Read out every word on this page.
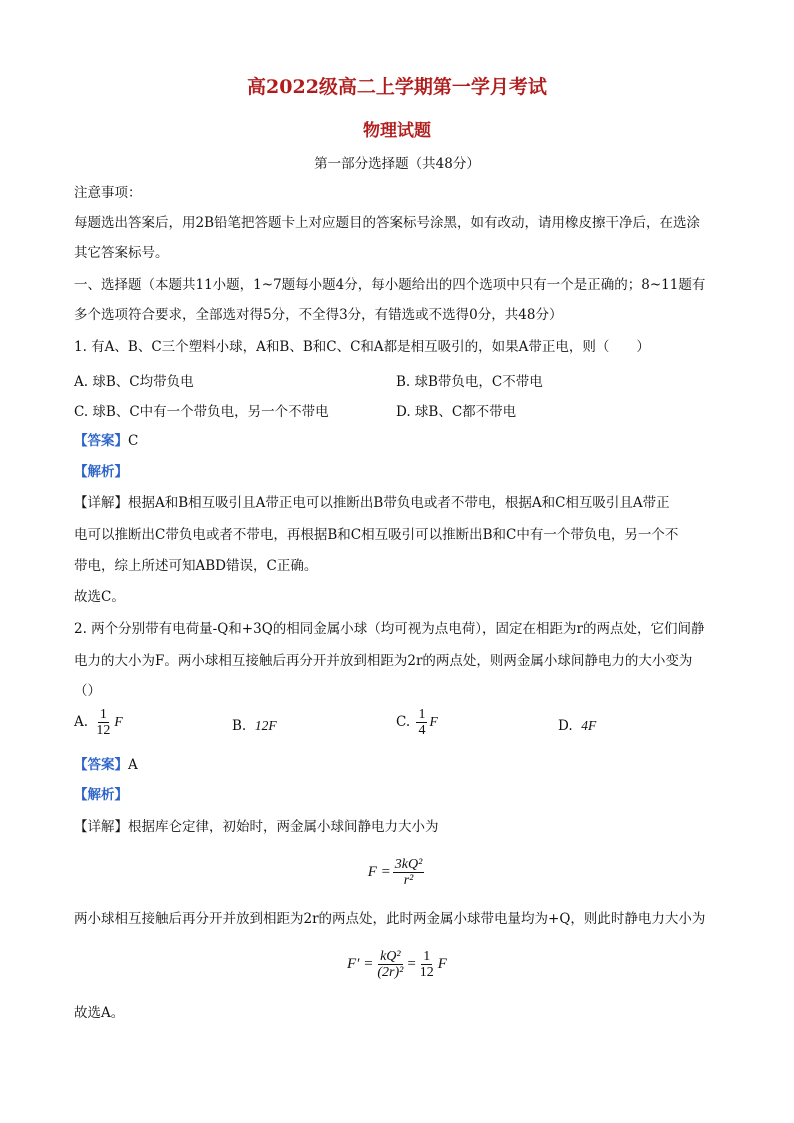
高2022级高二上学期第一学月考试
物理试题
第一部分选择题（共48分）
注意事项：
每题选出答案后，用2B铅笔把答题卡上对应题目的答案标号涂黑，如有改动，请用橡皮擦干净后，在选涂
其它答案标号。
一、选择题（本题共11小题，1~7题每小题4分，每小题给出的四个选项中只有一个是正确的；8~11题有
多个选项符合要求，全部选对得5分，不全得3分，有错选或不选得0分，共48分）
1. 有A、B、C三个塑料小球，A和B、B和C、C和A都是相互吸引的，如果A带正电，则（　　）
A. 球B、C均带负电	B. 球B带负电，C不带电
C. 球B、C中有一个带负电，另一个不带电	D. 球B、C都不带电
【答案】C
【解析】
【详解】根据A和B相互吸引且A带正电可以推断出B带负电或者不带电，根据A和C相互吸引且A带正
电可以推断出C带负电或者不带电，再根据B和C相互吸引可以推断出B和C中有一个带负电，另一个不
带电，综上所述可知ABD错误，C正确。
故选C。
2. 两个分别带有电荷量-Q和+3Q的相同金属小球（均可视为点电荷），固定在相距为r的两点处，它们间静
电力的大小为F。两小球相互接触后再分开并放到相距为2r的两点处，则两金属小球间静电力的大小变为
（）
A. $\frac{1}{12}$ F	B. 12F	C. $\frac{1}{4}$ F	D. 4F
【答案】A
【解析】
【详解】根据库仑定律，初始时，两金属小球间静电力大小为
$F = \frac{\text{3kQ²}}{\text{r²}}$
两小球相互接触后再分开并放到相距为2r的两点处，此时两金属小球带电量均为+Q，则此时静电力大小为
$F' = \frac{\text{kQ²}}{\text{(2r)²}} = \frac{1}{12}$ F
故选A。
